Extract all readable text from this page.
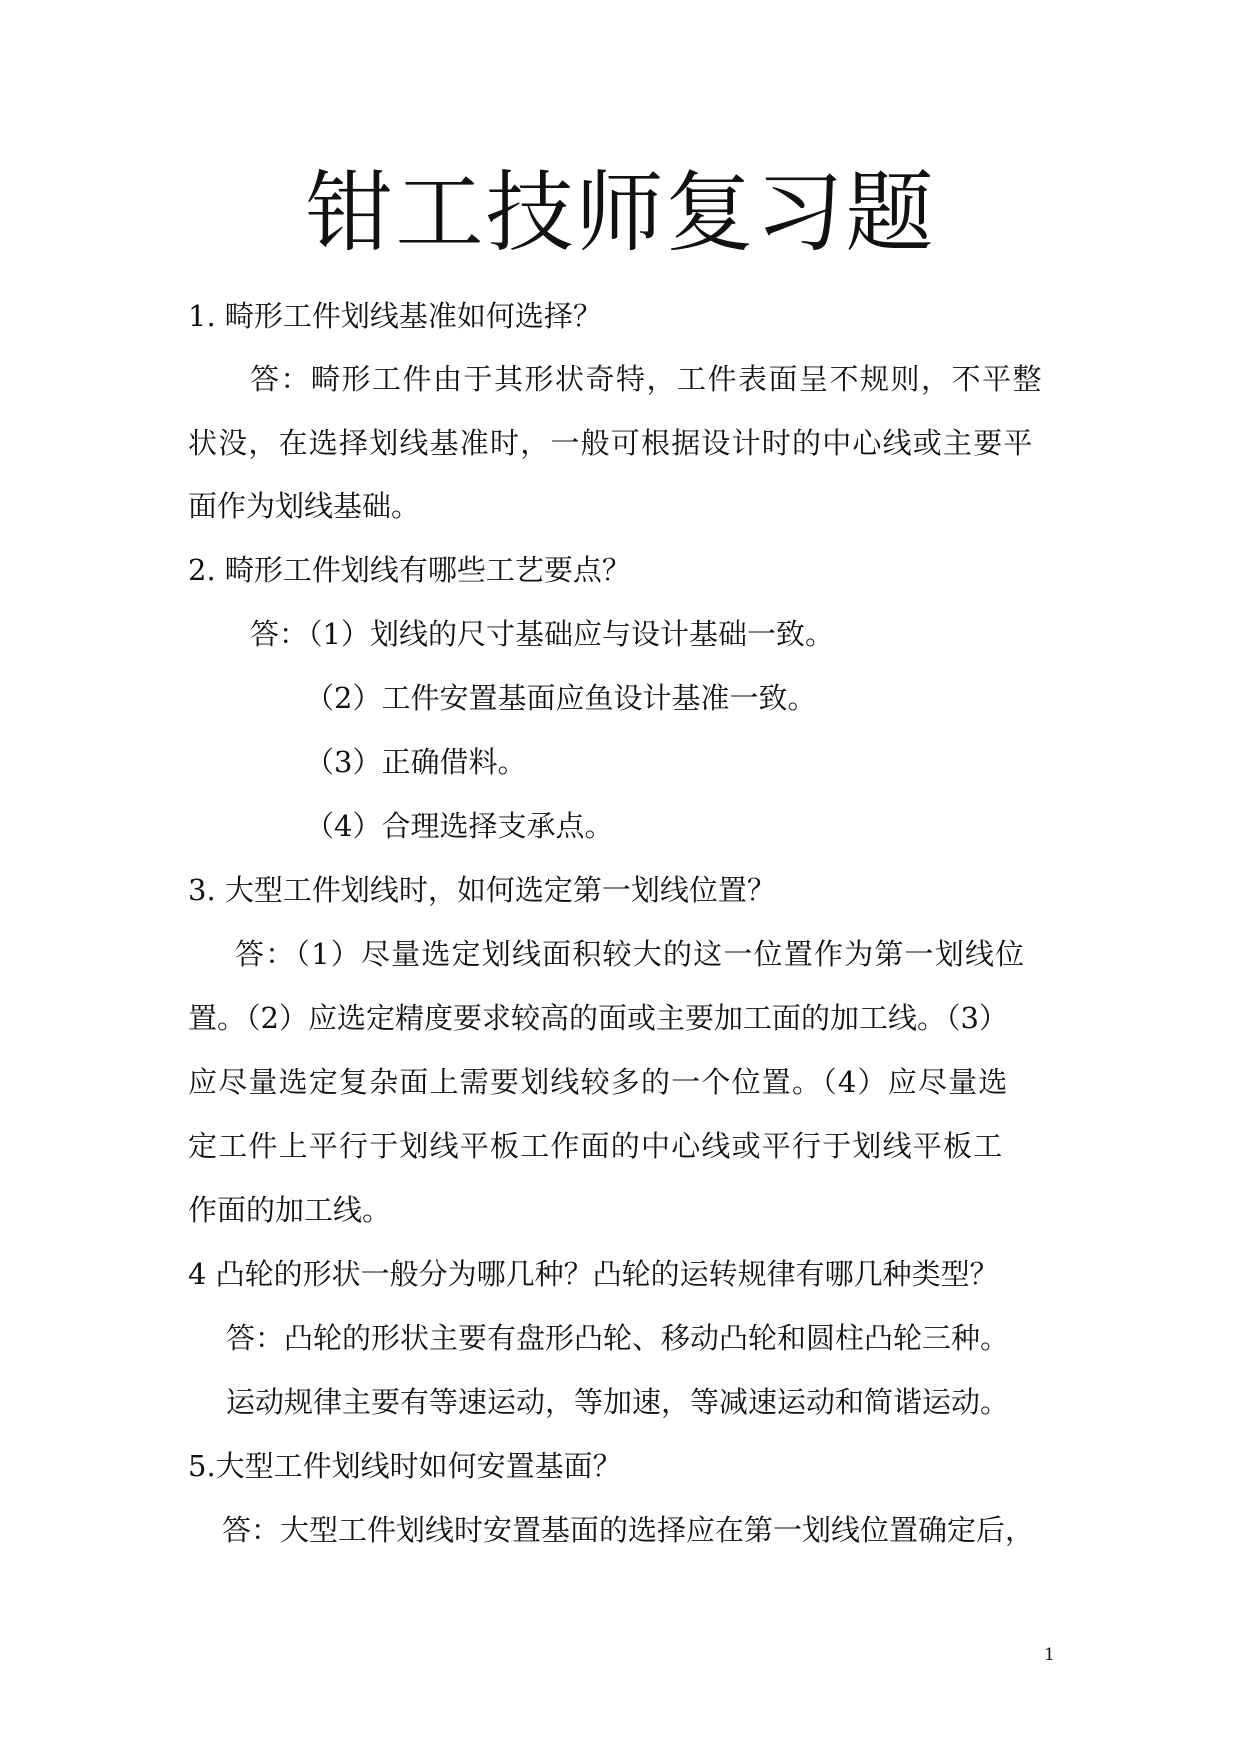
钳工技师复习题

1. 畸形工件划线基准如何选择？

答：畸形工件由于其形状奇特，工件表面呈不规则，不平整

状没，在选择划线基准时，一般可根据设计时的中心线或主要平

面作为划线基础。

2. 畸形工件划线有哪些工艺要点？

答：（1）划线的尺寸基础应与设计基础一致。

（2）工件安置基面应鱼设计基准一致。

（3）正确借料。

（4）合理选择支承点。

3. 大型工件划线时，如何选定第一划线位置？

答：（1）尽量选定划线面积较大的这一位置作为第一划线位

置。（2）应选定精度要求较高的面或主要加工面的加工线。（3）

应尽量选定复杂面上需要划线较多的一个位置。（4）应尽量选

定工件上平行于划线平板工作面的中心线或平行于划线平板工

作面的加工线。

4 凸轮的形状一般分为哪几种？凸轮的运转规律有哪几种类型？

答：凸轮的形状主要有盘形凸轮、移动凸轮和圆柱凸轮三种。

运动规律主要有等速运动，等加速，等减速运动和简谐运动。

5.大型工件划线时如何安置基面？

答：大型工件划线时安置基面的选择应在第一划线位置确定后，

1
